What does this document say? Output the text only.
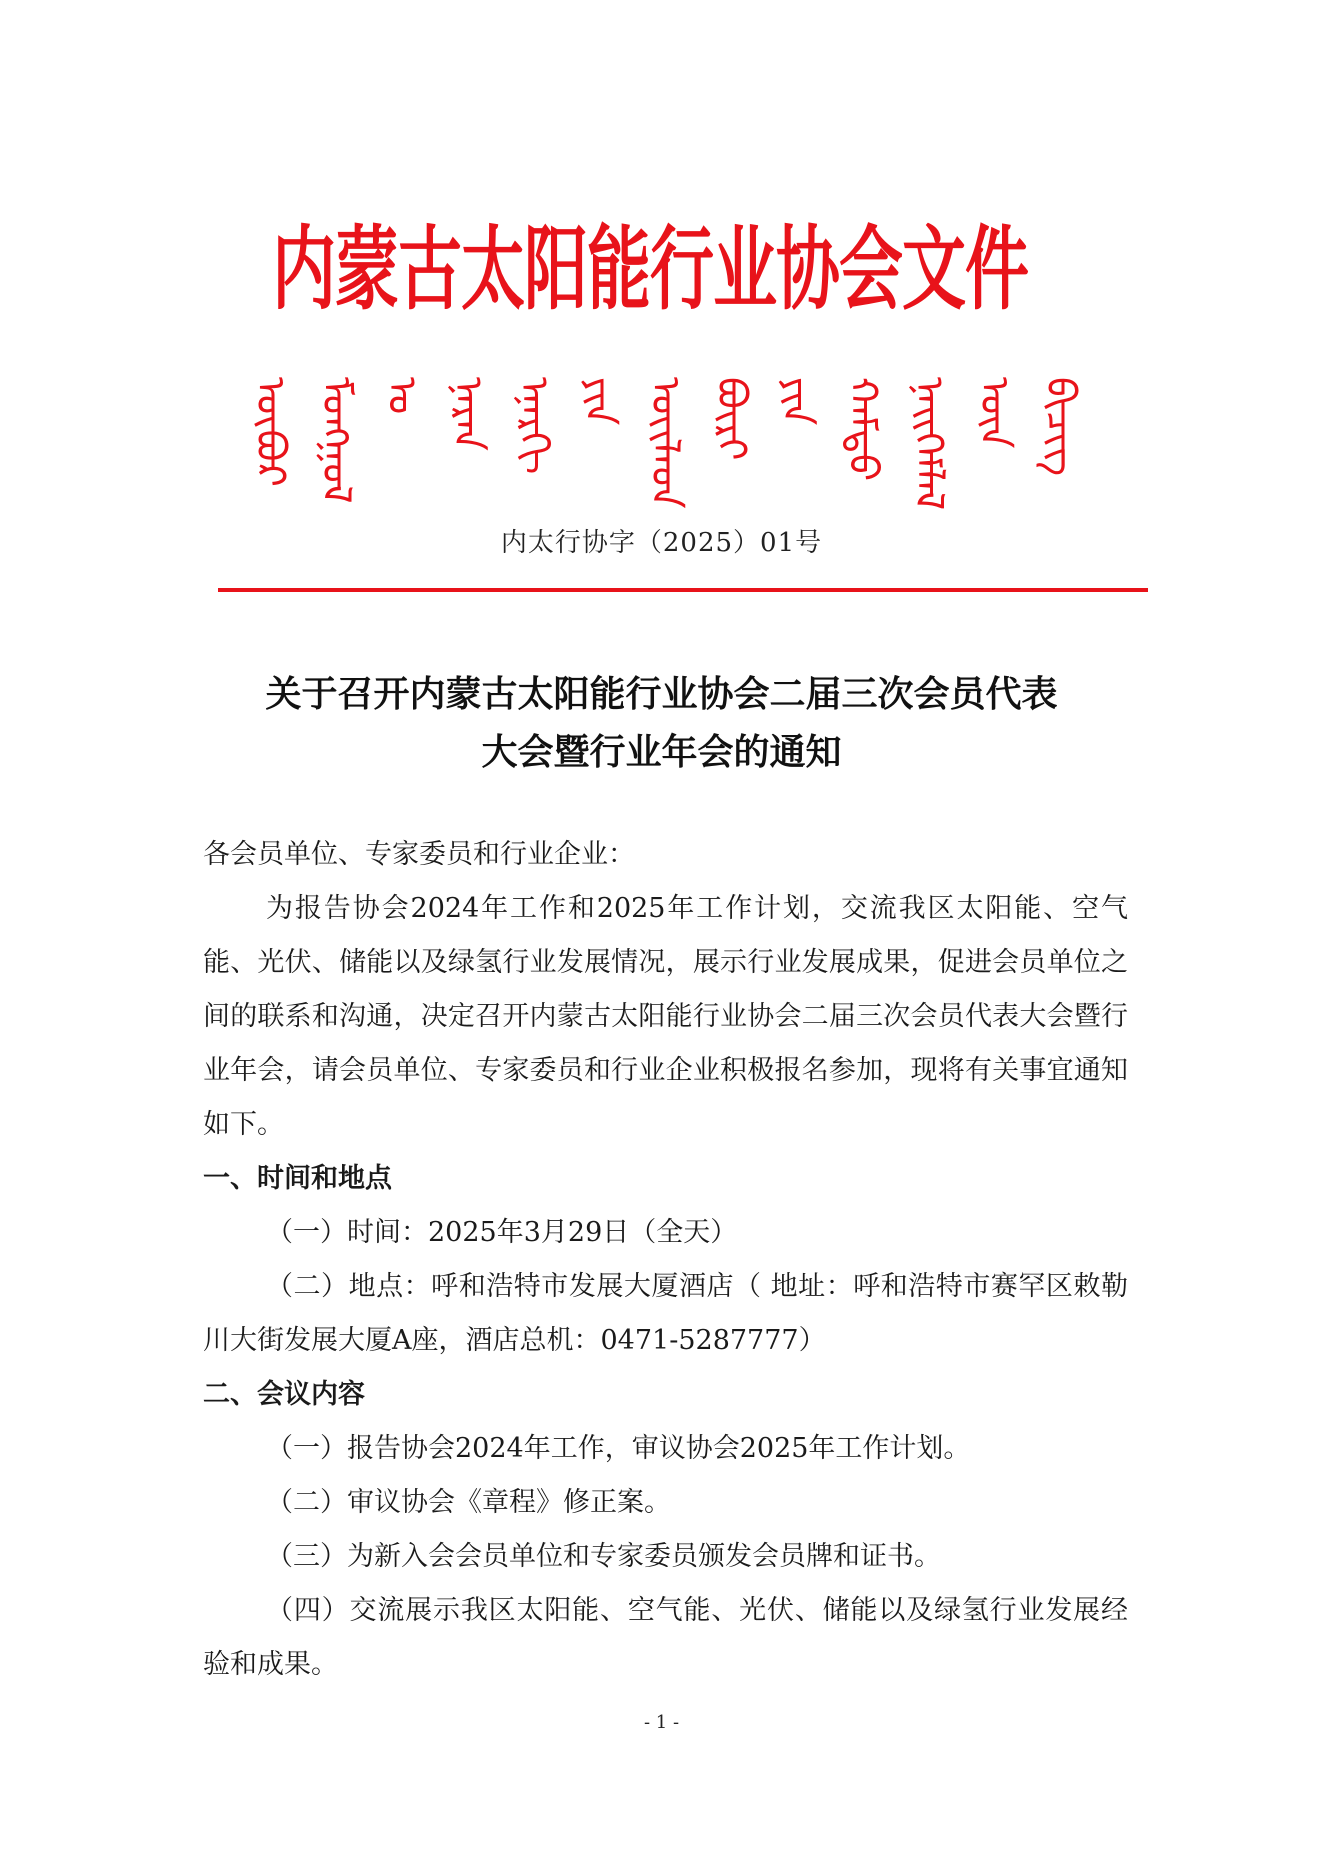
内蒙古太阳能行业协会文件
ᠥᠪᠥᠷ ᠮᠣᠩᠭᠣᠯ ᠤ ᠨᠠᠷᠠᠨ ᠡᠨᠡᠷᠭᠢ ᠶᠢᠨ ᠦᠢᠯᠡᠳ ᠪᠦᠷᠢ ᠶᠢᠨ ᠬᠠᠮᠲᠤ ᠨᠡᠢᠭᠡᠮᠯᠡᠯ ᠦᠨ ᠪᠢᠴᠢᠭ
内太行协字（2025）01号
关于召开内蒙古太阳能行业协会二届三次会员代表
大会暨行业年会的通知

各会员单位、专家委员和行业企业：

为报告协会2024年工作和2025年工作计划，交流我区太阳能、空气能、光伏、储能以及绿氢行业发展情况，展示行业发展成果，促进会员单位之间的联系和沟通，决定召开内蒙古太阳能行业协会二届三次会员代表大会暨行业年会，请会员单位、专家委员和行业企业积极报名参加，现将有关事宜通知如下。

一、时间和地点

（一）时间：2025年3月29日（全天）

（二）地点：呼和浩特市发展大厦酒店（ 地址：呼和浩特市赛罕区敕勒川大街发展大厦A座，酒店总机：0471-5287777）

二、会议内容

（一）报告协会2024年工作，审议协会2025年工作计划。

（二）审议协会《章程》修正案。

（三）为新入会会员单位和专家委员颁发会员牌和证书。

（四）交流展示我区太阳能、空气能、光伏、储能以及绿氢行业发展经验和成果。

- 1 -
